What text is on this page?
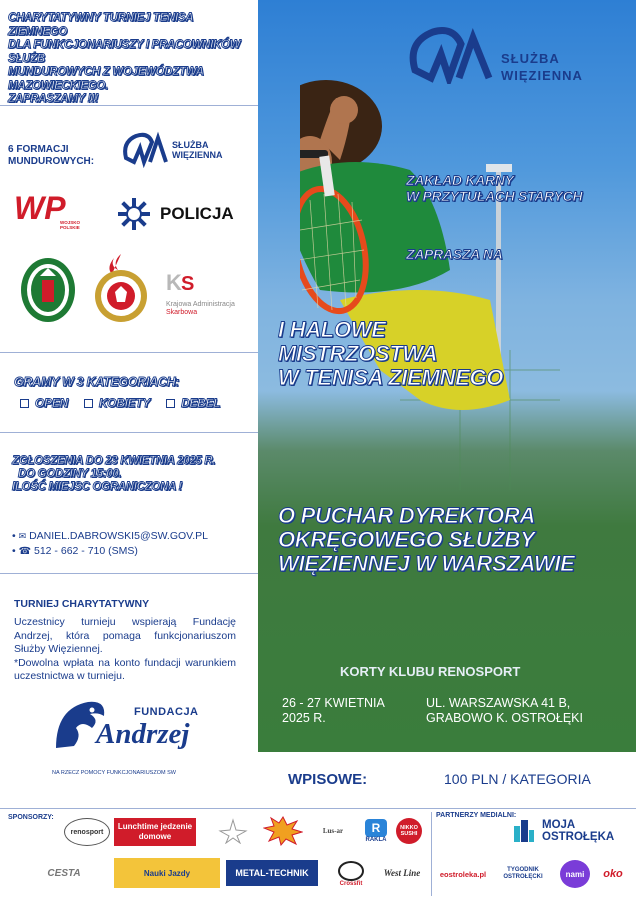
CHARYTATYWNY TURNIEJ TENISA ZIEMNEGO
DLA FUNKCJONARIUSZY I PRACOWNIKÓW SŁUŻB
MUNDUROWYCH Z WOJEWÓDZTWA MAZOWIECKIEGO.
ZAPRASZAMY !!!
6 FORMACJI
MUNDUROWYCH:
SŁUŻBA
WIĘZIENNA
WP
WOJSKO POLSKIE
POLICJA
K S
Krajowa Administracja
Skarbowa
GRAMY W 3 KATEGORIACH:
OPEN	KOBIETY	DEBEL
ZGŁOSZENIA DO 23 KWIETNIA 2025 R.
DO GODZINY 15:00.
ILOŚĆ MIEJSC OGRANICZONA !
• ✉ DANIEL.DABROWSKI5@SW.GOV.PL
• ☎ 512 - 662 - 710 (SMS)
TURNIEJ CHARYTATYWNY
Uczestnicy turnieju wspierają Fundację Andrzej, która pomaga funkcjonariuszom Służby Więziennej.
*Dowolna wpłata na konto fundacji warunkiem uczestnictwa w turnieju.
FUNDACJA
Andrzej
NA RZECZ POMOCY FUNKCJONARIUSZOM SW
SŁUŻBA
WIĘZIENNA
ZAKŁAD KARNY
W PRZYTUŁACH STARYCH
ZAPRASZA NA
I HALOWE
MISTRZOSTWA
W TENISA ZIEMNEGO
O PUCHAR DYREKTORA
OKRĘGOWEGO SŁUŻBY
WIĘZIENNEJ W WARSZAWIE
KORTY KLUBU RENOSPORT
26 - 27 KWIETNIA
2025 R.
UL. WARSZAWSKA 41 B,
GRABOWO K. OSTROŁĘKI
WPISOWE:	100 PLN / KATEGORIA
SPONSORZY:	PARTNERZY MEDIALNI:
renosport
Lunchtime jedzenie domowe
Lus-ar	R
RAKLA
NIKKO SUSHI
CESTA	Nauki Jazdy	METAL-TECHNIK
Crossfit
West Line
MOJA OSTROŁĘKA
eostroleka.pl	TYGODNIK OSTROŁĘCKI	nami	oko
